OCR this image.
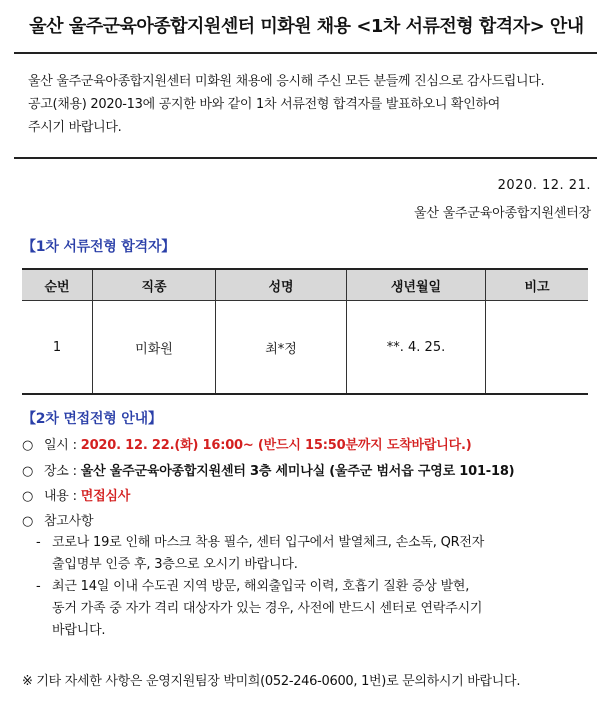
울산 울주군육아종합지원센터 미화원 채용 <1차 서류전형 합격자> 안내
울산 울주군육아종합지원센터 미화원 채용에 응시해 주신 모든 분들께 진심으로 감사드립니다.
공고(채용) 2020-13에 공지한 바와 같이 1차 서류전형 합격자를 발표하오니 확인하여
주시기 바랍니다.
2020. 12. 21.
울산 울주군육아종합지원센터장
【1차 서류전형 합격자】
순번	직종	성명	생년월일	비고
1	미화원	최*정	**. 4. 25.	
【2차 면접전형 안내】
○ 일시 : 2020. 12. 22.(화) 16:00~ (반드시 15:50분까지 도착바랍니다.)
○ 장소 : 울산 울주군육아종합지원센터 3층 세미나실 (울주군 범서읍 구영로 101-18)
○ 내용 : 면접심사
○ 참고사항
- 코로나 19로 인해 마스크 착용 필수, 센터 입구에서 발열체크, 손소독, QR전자
출입명부 인증 후, 3층으로 오시기 바랍니다.
- 최근 14일 이내 수도권 지역 방문, 해외출입국 이력, 호흡기 질환 증상 발현,
동거 가족 중 자가 격리 대상자가 있는 경우, 사전에 반드시 센터로 연락주시기
바랍니다.
※ 기타 자세한 사항은 운영지원팀장 박미희(052-246-0600, 1번)로 문의하시기 바랍니다.
